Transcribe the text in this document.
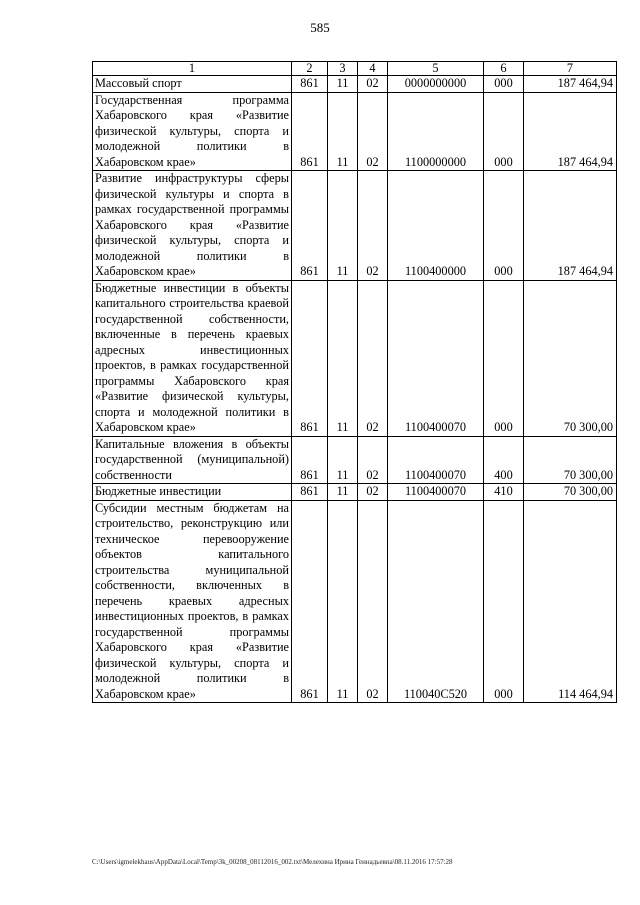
585
1	2	3	4	5	6	7
Массовый спорт	861	11	02	0000000000	000	187 464,94
Государственная программа Хабаровского края «Развитие физической культуры, спорта и молодежной политики в Хабаровском крае»	861	11	02	1100000000	000	187 464,94
Развитие инфраструктуры сферы физической культуры и спорта в рамках государственной программы Хабаровского края «Развитие физической культуры, спорта и молодежной политики в Хабаровском крае»	861	11	02	1100400000	000	187 464,94
Бюджетные инвестиции в объекты капитального строительства краевой государственной собственности, включенные в перечень краевых адресных инвестиционных проектов, в рамках государственной программы Хабаровского края «Развитие физической культуры, спорта и молодежной политики в Хабаровском крае»	861	11	02	1100400070	000	70 300,00
Капитальные вложения в объекты государственной (муниципальной) собственности	861	11	02	1100400070	400	70 300,00
Бюджетные инвестиции	861	11	02	1100400070	410	70 300,00
Субсидии местным бюджетам на строительство, реконструкцию или техническое перевооружение объектов капитального строительства муниципальной собственности, включенных в перечень краевых адресных инвестиционных проектов, в рамках государственной программы Хабаровского края «Развитие физической культуры, спорта и молодежной политики в Хабаровском крае»	861	11	02	110040С520	000	114 464,94
C:\Users\igmelekhaus\AppData\Local\Temp\3k_00208_08112016_002.txt\Мелехина Ирина Геннадьевна\08.11.2016 17:57:28
